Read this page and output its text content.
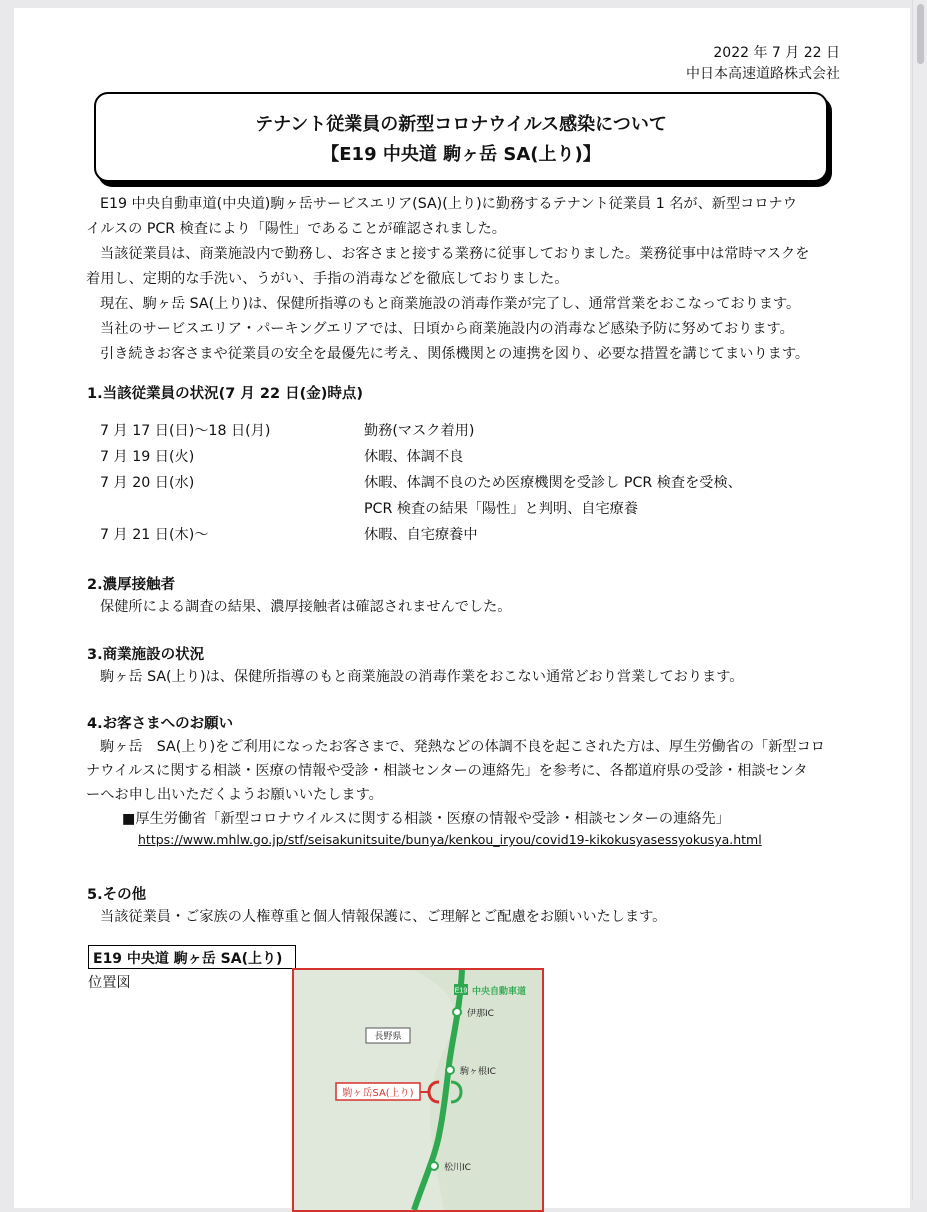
2022 年 7 月 22 日
中日本高速道路株式会社
テナント従業員の新型コロナウイルス感染について
【E19 中央道 駒ヶ岳 SA(上り)】
E19 中央自動車道(中央道)駒ヶ岳サービスエリア(SA)(上り)に勤務するテナント従業員 1 名が、新型コロナウ
イルスの PCR 検査により「陽性」であることが確認されました。
当該従業員は、商業施設内で勤務し、お客さまと接する業務に従事しておりました。業務従事中は常時マスクを
着用し、定期的な手洗い、うがい、手指の消毒などを徹底しておりました。
現在、駒ヶ岳 SA(上り)は、保健所指導のもと商業施設の消毒作業が完了し、通常営業をおこなっております。
当社のサービスエリア・パーキングエリアでは、日頃から商業施設内の消毒など感染予防に努めております。
引き続きお客さまや従業員の安全を最優先に考え、関係機関との連携を図り、必要な措置を講じてまいります。
1.当該従業員の状況(7 月 22 日(金)時点)
7 月 17 日(日)～18 日(月)	勤務(マスク着用)
7 月 19 日(火)	休暇、体調不良
7 月 20 日(水)	休暇、体調不良のため医療機関を受診し PCR 検査を受検、
PCR 検査の結果「陽性」と判明、自宅療養
7 月 21 日(木)～	休暇、自宅療養中
2.濃厚接触者
保健所による調査の結果、濃厚接触者は確認されませんでした。
3.商業施設の状況
駒ヶ岳 SA(上り)は、保健所指導のもと商業施設の消毒作業をおこない通常どおり営業しております。
4.お客さまへのお願い
駒ヶ岳　SA(上り)をご利用になったお客さまで、発熱などの体調不良を起こされた方は、厚生労働省の「新型コロ
ナウイルスに関する相談・医療の情報や受診・相談センターの連絡先」を参考に、各都道府県の受診・相談センタ
ーへお申し出いただくようお願いいたします。
■厚生労働省「新型コロナウイルスに関する相談・医療の情報や受診・相談センターの連絡先」
https://www.mhlw.go.jp/stf/seisakunitsuite/bunya/kenkou_iryou/covid19-kikokusyasessyokusya.html
5.その他
当該従業員・ご家族の人権尊重と個人情報保護に、ご理解とご配慮をお願いいたします。
E19 中央道 駒ヶ岳 SA(上り)
位置図	E19 中央自動車道
伊那IC
長野県
駒ヶ根IC
駒ヶ岳SA(上り)
松川IC
